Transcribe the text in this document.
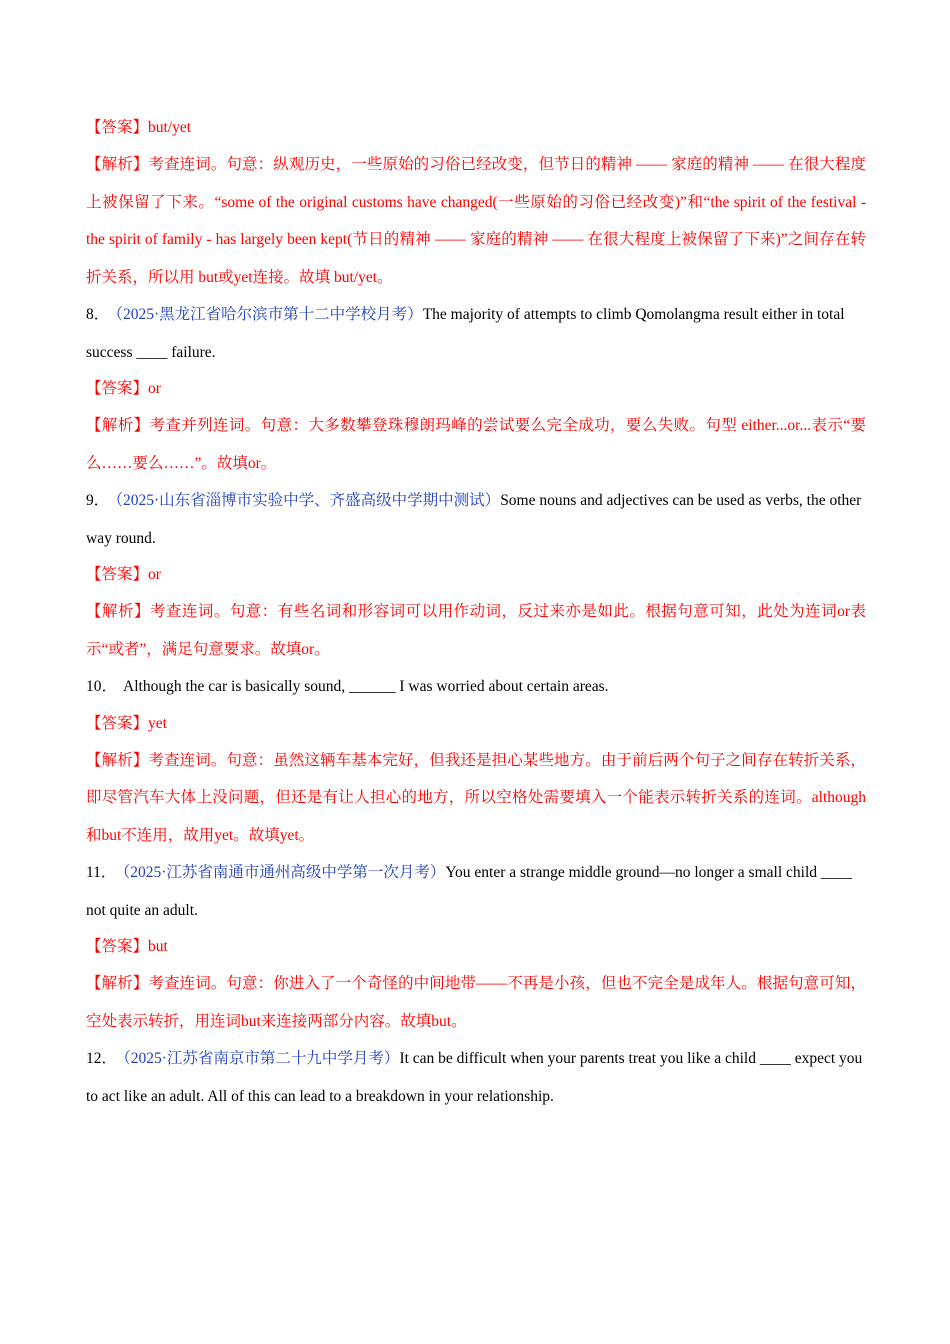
【答案】but/yet
【解析】考查连词。句意：纵观历史，一些原始的习俗已经改变，但节日的精神 —— 家庭的精神 —— 在很大程度上被保留了下来。“some of the original customs have changed(一些原始的习俗已经改变)”和“the spirit of the festival - the spirit of family - has largely been kept(节日的精神 —— 家庭的精神 —— 在很大程度上被保留了下来)”之间存在转折关系，所以用 but或yet连接。故填 but/yet。
8． （2025·黑龙江省哈尔滨市第十二中学校月考）The majority of attempts to climb Qomolangma result either in total success ____ failure.
【答案】or
【解析】考查并列连词。句意：大多数攀登珠穆朗玛峰的尝试要么完全成功，要么失败。句型 either...or...表示“要么……要么……”。故填or。
9． （2025·山东省淄博市实验中学、齐盛高级中学期中测试）Some nouns and adjectives can be used as verbs, the other way round.
【答案】or
【解析】考查连词。句意：有些名词和形容词可以用作动词，反过来亦是如此。根据句意可知，此处为连词or表示“或者”，满足句意要求。故填or。
10． Although the car is basically sound, ______ I was worried about certain areas.
【答案】yet
【解析】考查连词。句意：虽然这辆车基本完好，但我还是担心某些地方。由于前后两个句子之间存在转折关系，即尽管汽车大体上没问题，但还是有让人担心的地方，所以空格处需要填入一个能表示转折关系的连词。although和but不连用，故用yet。故填yet。
11． （2025·江苏省南通市通州高级中学第一次月考）You enter a strange middle ground—no longer a small child ____ not quite an adult.
【答案】but
【解析】考查连词。句意：你进入了一个奇怪的中间地带——不再是小孩，但也不完全是成年人。根据句意可知，空处表示转折，用连词but来连接两部分内容。故填but。
12． （2025·江苏省南京市第二十九中学月考）It can be difficult when your parents treat you like a child ____ expect you to act like an adult. All of this can lead to a breakdown in your relationship.
